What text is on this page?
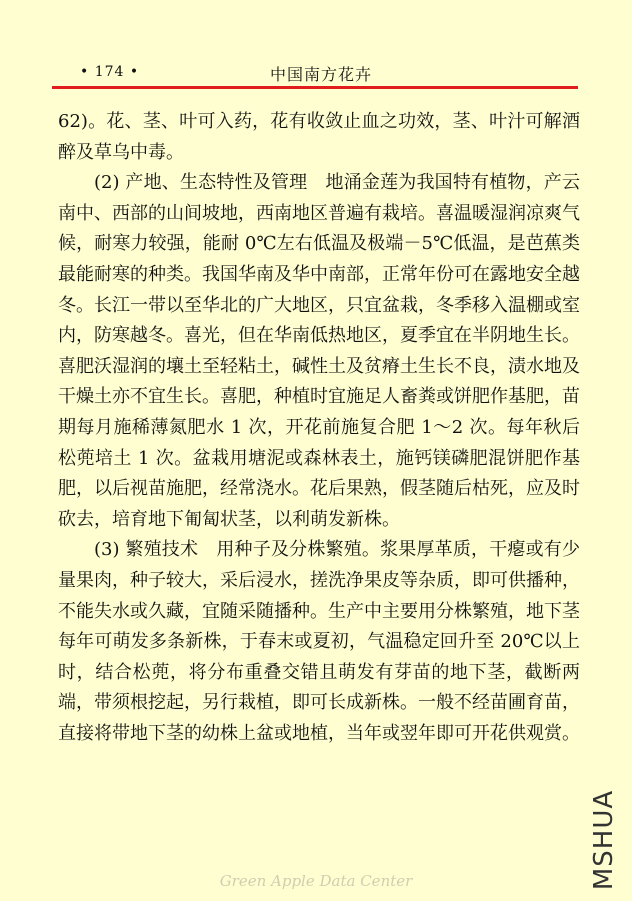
• 174 •	中国南方花卉

62)。花、茎、叶可入药，花有收敛止血之功效，茎、叶汁可解酒醉及草乌中毒。

(2) 产地、生态特性及管理　地涌金莲为我国特有植物，产云南中、西部的山间坡地，西南地区普遍有栽培。喜温暖湿润凉爽气候，耐寒力较强，能耐 0℃左右低温及极端－5℃低温，是芭蕉类最能耐寒的种类。我国华南及华中南部，正常年份可在露地安全越冬。长江一带以至华北的广大地区，只宜盆栽，冬季移入温棚或室内，防寒越冬。喜光，但在华南低热地区，夏季宜在半阴地生长。喜肥沃湿润的壤土至轻粘土，碱性土及贫瘠土生长不良，渍水地及干燥土亦不宜生长。喜肥，种植时宜施足人畜粪或饼肥作基肥，苗期每月施稀薄氮肥水 1 次，开花前施复合肥 1～2 次。每年秋后松蔸培土 1 次。盆栽用塘泥或森林表土，施钙镁磷肥混饼肥作基肥，以后视苗施肥，经常浇水。花后果熟，假茎随后枯死，应及时砍去，培育地下匍匐状茎，以利萌发新株。

(3) 繁殖技术　用种子及分株繁殖。浆果厚革质，干瘪或有少量果肉，种子较大，采后浸水，搓洗净果皮等杂质，即可供播种，不能失水或久藏，宜随采随播种。生产中主要用分株繁殖，地下茎每年可萌发多条新株，于春末或夏初，气温稳定回升至 20℃以上时，结合松蔸，将分布重叠交错且萌发有芽苗的地下茎，截断两端，带须根挖起，另行栽植，即可长成新株。一般不经苗圃育苗，直接将带地下茎的幼株上盆或地植，当年或翌年即可开花供观赏。

MSHUA
Green Apple Data Center
